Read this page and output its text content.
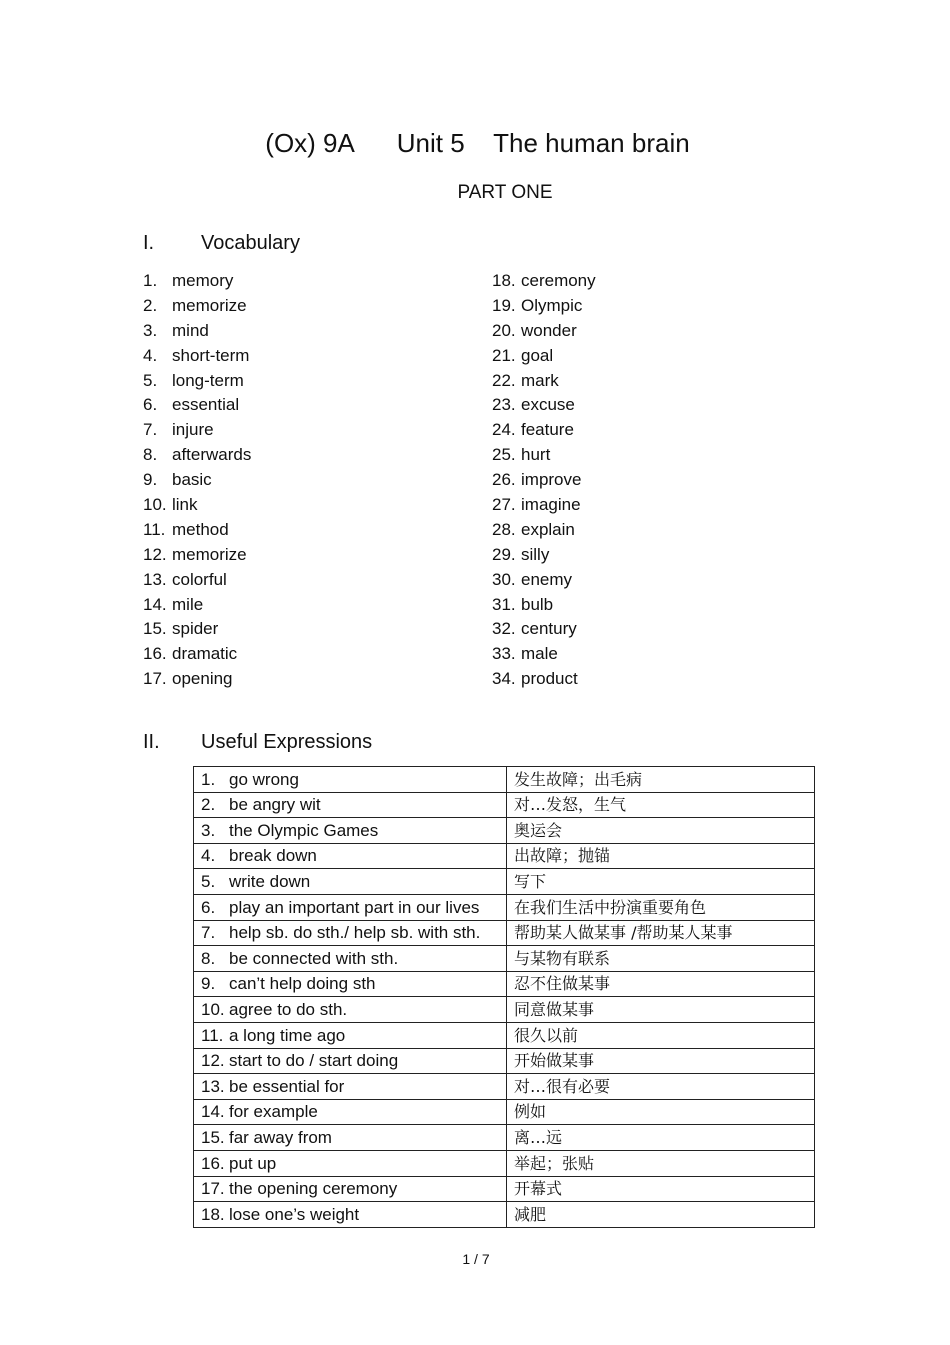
(Ox) 9A      Unit 5    The human brain
PART ONE
I. Vocabulary
1. memory
2. memorize
3. mind
4. short-term
5. long-term
6. essential
7. injure
8. afterwards
9. basic
10. link
11. method
12. memorize
13. colorful
14. mile
15. spider
16. dramatic
17. opening
18. ceremony
19. Olympic
20. wonder
21. goal
22. mark
23. excuse
24. feature
25. hurt
26. improve
27. imagine
28. explain
29. silly
30. enemy
31. bulb
32. century
33. male
34. product
II. Useful Expressions
1. go wrong	发生故障；出毛病
2. be angry wit	对…发怒，生气
3. the Olympic Games	奥运会
4. break down	出故障；抛锚
5. write down	写下
6. play an important part in our lives	在我们生活中扮演重要角色
7. help sb. do sth./ help sb. with sth.	帮助某人做某事 /帮助某人某事
8. be connected with sth.	与某物有联系
9. can’t help doing sth	忍不住做某事
10. agree to do sth.	同意做某事
11. a long time ago	很久以前
12. start to do / start doing	开始做某事
13. be essential for	对…很有必要
14. for example	例如
15. far away from	离…远
16. put up	举起；张贴
17. the opening ceremony	开幕式
18. lose one’s weight	减肥
1 / 7
